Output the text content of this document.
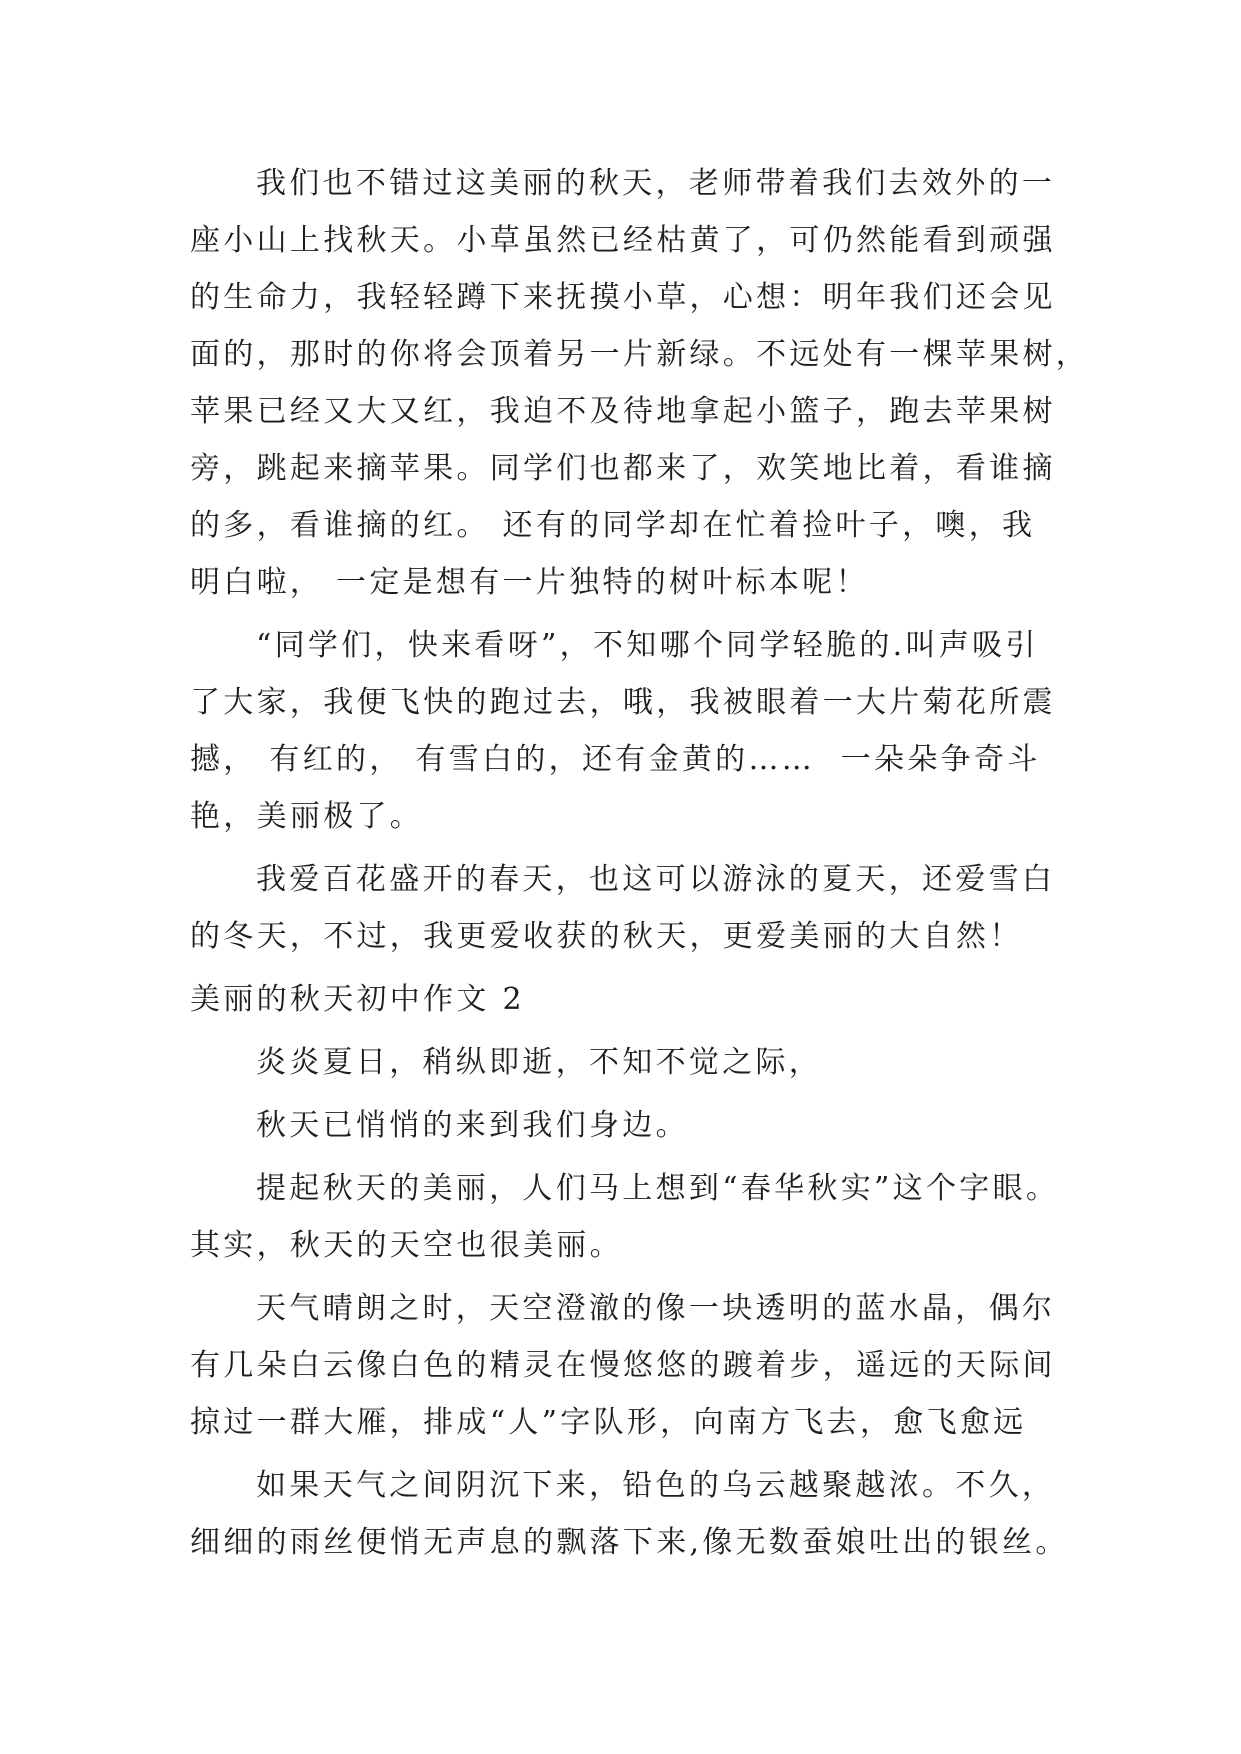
我们也不错过这美丽的秋天，老师带着我们去效外的一
座小山上找秋天。小草虽然已经枯黄了，可仍然能看到顽强
的生命力，我轻轻蹲下来抚摸小草，心想：明年我们还会见
面的，那时的你将会顶着另一片新绿。不远处有一棵苹果树，
苹果已经又大又红，我迫不及待地拿起小篮子，跑去苹果树
旁，跳起来摘苹果。同学们也都来了，欢笑地比着，看谁摘
的多，看谁摘的红。 还有的同学却在忙着捡叶子，噢，我
明白啦， 一定是想有一片独特的树叶标本呢！
“同学们，快来看呀”，不知哪个同学轻脆的.叫声吸引
了大家，我便飞快的跑过去，哦，我被眼着一大片菊花所震
撼， 有红的， 有雪白的，还有金黄的……  一朵朵争奇斗
艳，美丽极了。
我爱百花盛开的春天，也这可以游泳的夏天，还爱雪白
的冬天，不过，我更爱收获的秋天，更爱美丽的大自然！
美丽的秋天初中作文 2
炎炎夏日，稍纵即逝，不知不觉之际，
秋天已悄悄的来到我们身边。
提起秋天的美丽，人们马上想到“春华秋实”这个字眼。
其实，秋天的天空也很美丽。
天气晴朗之时，天空澄澈的像一块透明的蓝水晶，偶尔
有几朵白云像白色的精灵在慢悠悠的踱着步，遥远的天际间
掠过一群大雁，排成“人”字队形，向南方飞去，愈飞愈远
如果天气之间阴沉下来，铅色的乌云越聚越浓。不久，
细细的雨丝便悄无声息的飘落下来,像无数蚕娘吐出的银丝。
